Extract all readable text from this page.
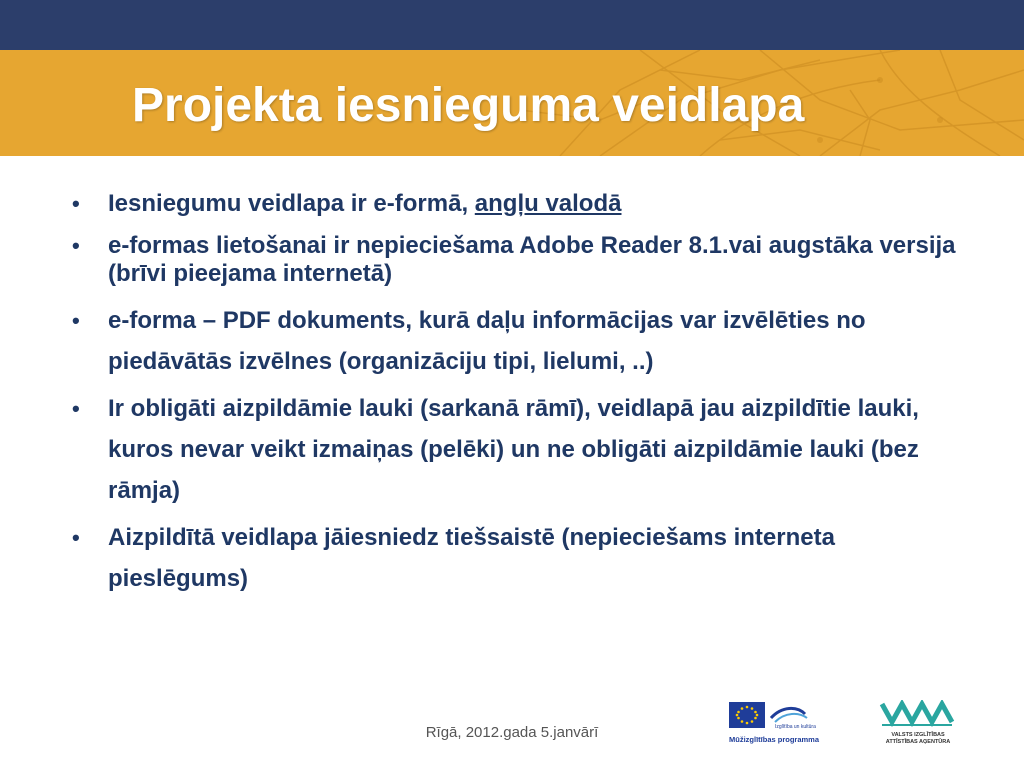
Projekta iesnieguma veidlapa
• Iesniegumu veidlapa ir e-formā, angļu valodā
• e-formas lietošanai ir nepieciešama Adobe Reader 8.1.vai augstāka versija (brīvi pieejama internetā)
• e-forma – PDF dokuments, kurā daļu informācijas var izvēlēties no piedāvātās izvēlnes (organizāciju tipi, lielumi, ..)
• Ir obligāti aizpildāmie lauki (sarkanā rāmī), veidlapā jau aizpildītie lauki, kuros nevar veikt izmaiņas (pelēki) un ne obligāti aizpildāmie lauki (bez rāmja)
• Aizpildītā veidlapa jāiesniedz tiešsaistē (nepieciešams interneta pieslēgums)
Rīgā, 2012.gada 5.janvārī	Izglītība un kultūra
Mūžizglītības programma	VALSTS IZGLĪTĪBAS
ATTĪSTĪBAS AĢENTŪRA
